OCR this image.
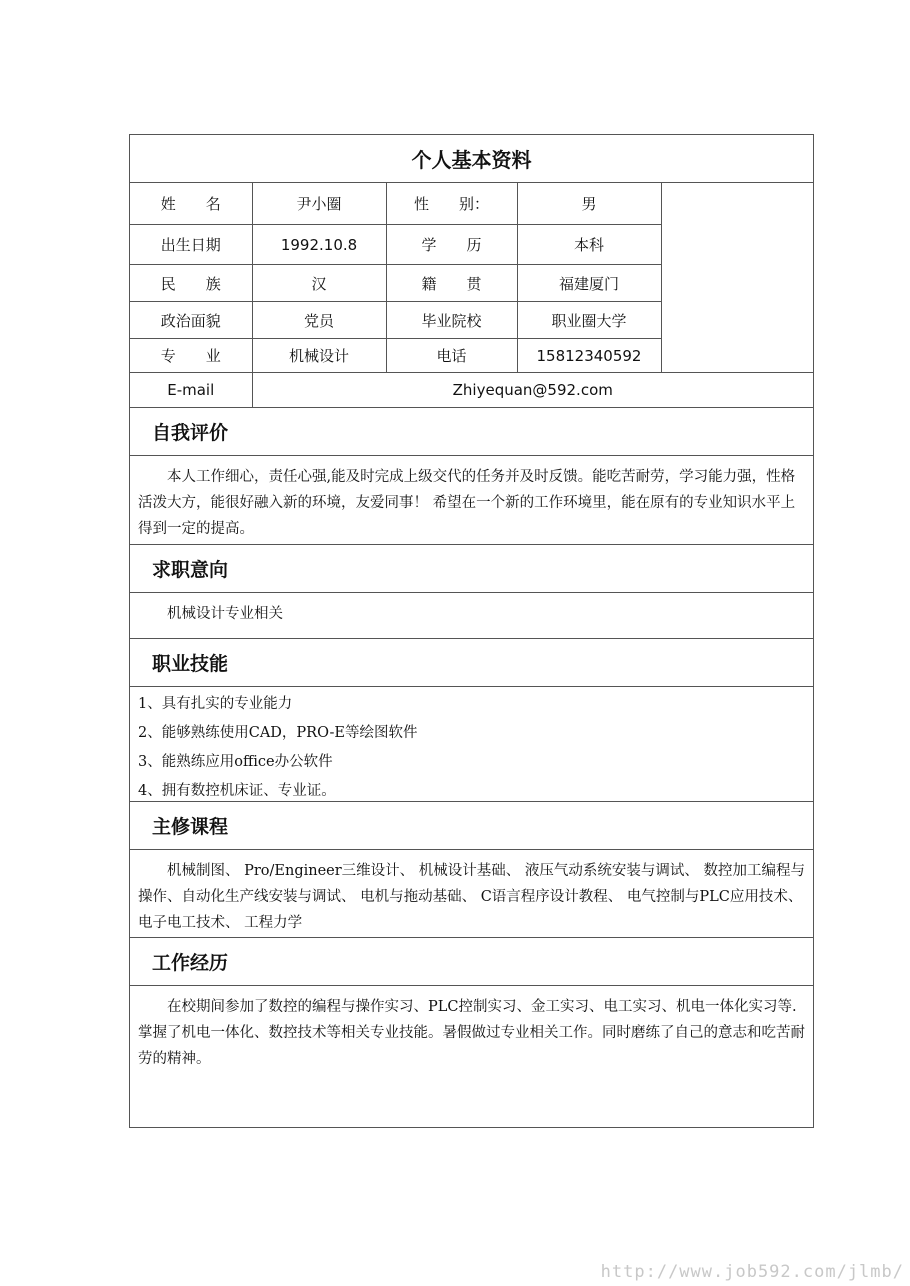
个人基本资料				
姓　　名	尹小圈	性　　别：	男	
出生日期	1992.10.8	学　　历	本科	
民　　族	汉	籍　　贯	福建厦门	
政治面貌	党员	毕业院校	职业圈大学	
专　　业	机械设计	电话	15812340592	
E-mail	Zhiyequan@592.com			
自我评价
本人工作细心，责任心强,能及时完成上级交代的任务并及时反馈。能吃苦耐劳，学习能力强，性格活泼大方，能很好融入新的环境，友爱同事！ 希望在一个新的工作环境里，能在原有的专业知识水平上得到一定的提高。
求职意向
机械设计专业相关
职业技能
1、具有扎实的专业能力
2、能够熟练使用CAD，PRO-E等绘图软件
3、能熟练应用office办公软件
4、拥有数控机床证、专业证。
主修课程
机械制图、 Pro/Engineer三维设计、 机械设计基础、 液压气动系统安装与调试、 数控加工编程与操作、自动化生产线安装与调试、 电机与拖动基础、 C语言程序设计教程、 电气控制与PLC应用技术、 电子电工技术、 工程力学
工作经历
在校期间参加了数控的编程与操作实习、PLC控制实习、金工实习、电工实习、机电一体化实习等.掌握了机电一体化、数控技术等相关专业技能。暑假做过专业相关工作。同时磨练了自己的意志和吃苦耐劳的精神。
http://www.job592.com/jlmb/
